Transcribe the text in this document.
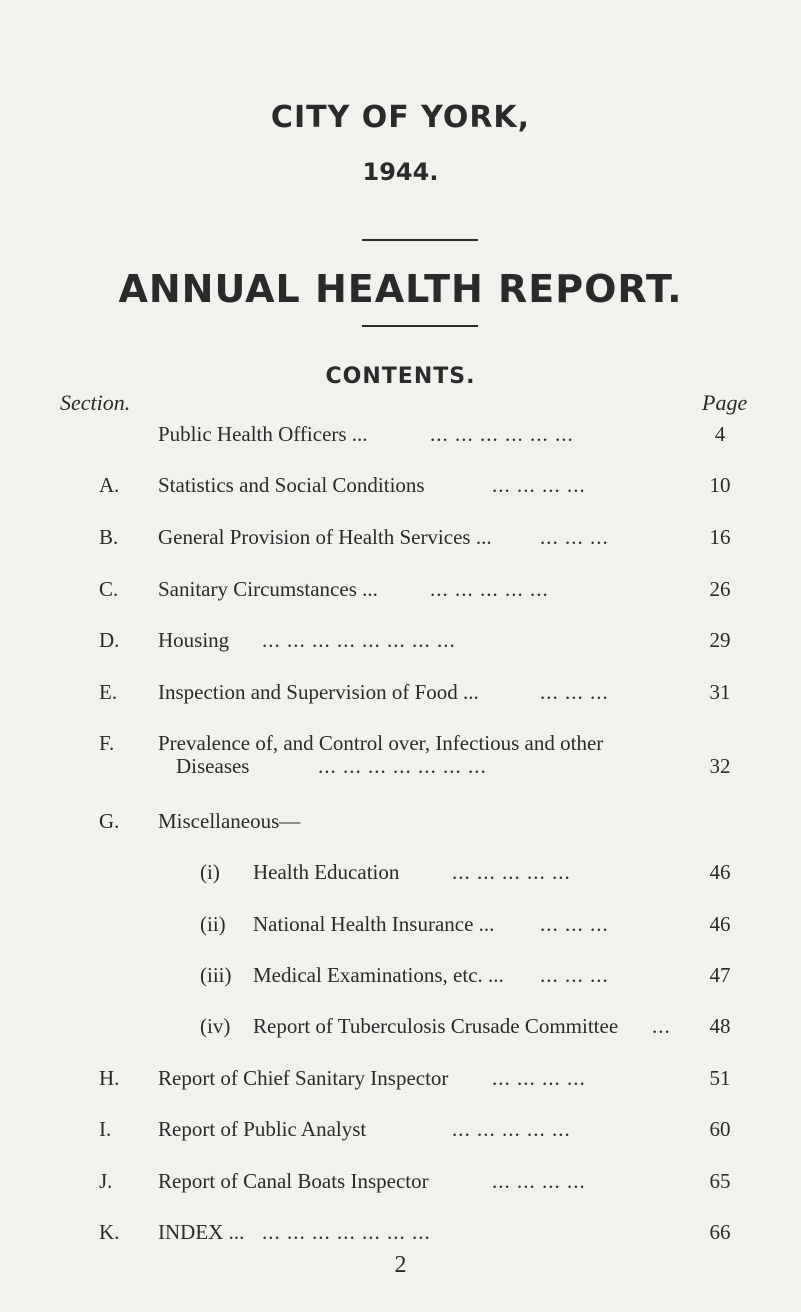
CITY OF YORK,
1944.
ANNUAL HEALTH REPORT.
CONTENTS.
Section.	Page
Public Health Officers ...	... ... ... ... ... ...	4
A. Statistics and Social Conditions	... ... ... ...	10
B. General Provision of Health Services ... ... ... ...	16
C. Sanitary Circumstances ... ... ... ... ... ...	26
D. Housing ... ... ... ... ... ... ... ...	29
E. Inspection and Supervision of Food ...	... ... ...	31
F. Prevalence of, and Control over, Infectious and other
Diseases	... ... ... ... ... ... ...	32
G. Miscellaneous—
(i) Health Education	... ... ... ... ...	46
(ii) National Health Insurance ... ... ... ...	46
(iii) Medical Examinations, etc. ... ... ... ...	47
(iv) Report of Tuberculosis Crusade Committee ...	48
H. Report of Chief Sanitary Inspector ... ... ... ...	51
I. Report of Public Analyst	... ... ... ... ...	60
J. Report of Canal Boats Inspector	... ... ... ...	65
K. INDEX ... ... ... ... ... ... ... ...	66
2
